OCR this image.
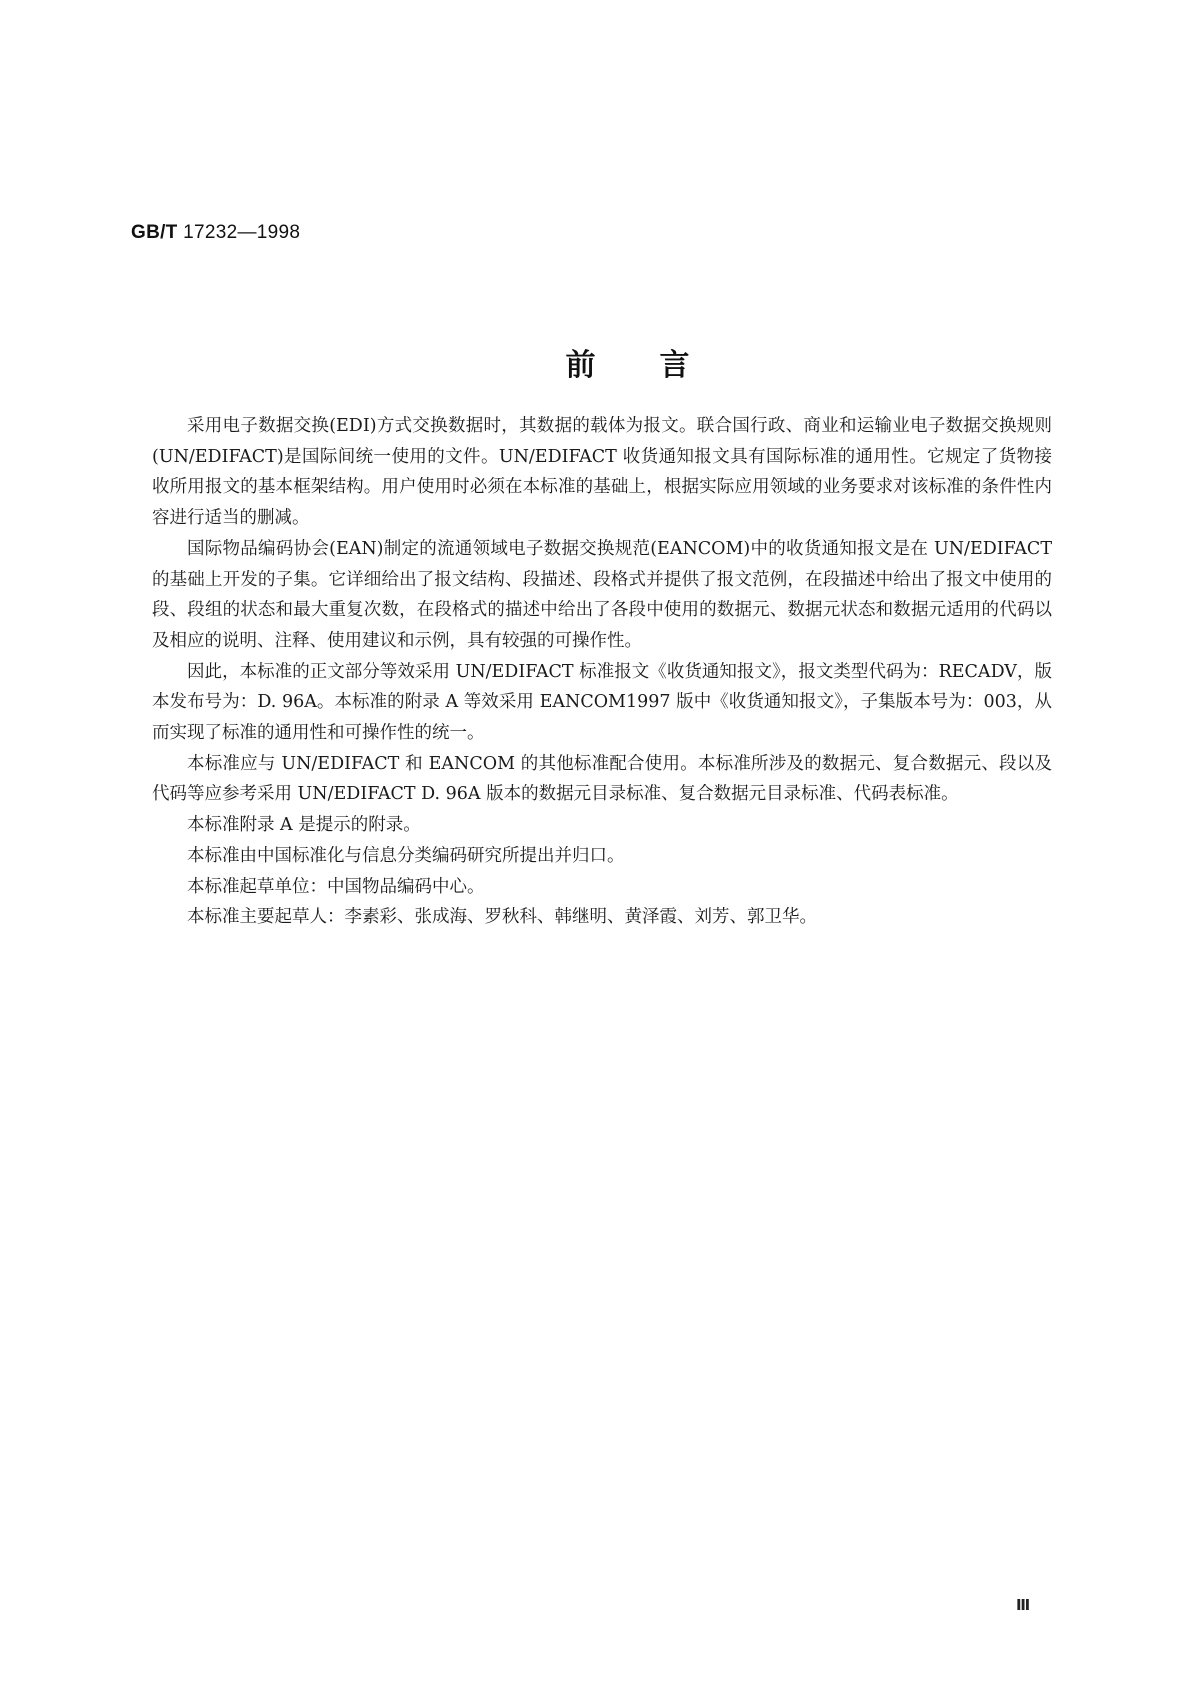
GB/T 17232—1998
前言

采用电子数据交换(EDI)方式交换数据时，其数据的载体为报文。联合国行政、商业和运输业电子数据交换规则(UN/EDIFACT)是国际间统一使用的文件。UN/EDIFACT 收货通知报文具有国际标准的通用性。它规定了货物接收所用报文的基本框架结构。用户使用时必须在本标准的基础上，根据实际应用领域的业务要求对该标准的条件性内容进行适当的删减。

国际物品编码协会(EAN)制定的流通领域电子数据交换规范(EANCOM)中的收货通知报文是在 UN/EDIFACT 的基础上开发的子集。它详细给出了报文结构、段描述、段格式并提供了报文范例，在段描述中给出了报文中使用的段、段组的状态和最大重复次数，在段格式的描述中给出了各段中使用的数据元、数据元状态和数据元适用的代码以及相应的说明、注释、使用建议和示例，具有较强的可操作性。

因此，本标准的正文部分等效采用 UN/EDIFACT 标准报文《收货通知报文》，报文类型代码为：RECADV，版本发布号为：D. 96A。本标准的附录 A 等效采用 EANCOM1997 版中《收货通知报文》，子集版本号为：003，从而实现了标准的通用性和可操作性的统一。

本标准应与 UN/EDIFACT 和 EANCOM 的其他标准配合使用。本标准所涉及的数据元、复合数据元、段以及代码等应参考采用 UN/EDIFACT D. 96A 版本的数据元目录标准、复合数据元目录标准、代码表标准。

本标准附录 A 是提示的附录。

本标准由中国标准化与信息分类编码研究所提出并归口。

本标准起草单位：中国物品编码中心。

本标准主要起草人：李素彩、张成海、罗秋科、韩继明、黄泽霞、刘芳、郭卫华。

Ⅲ
